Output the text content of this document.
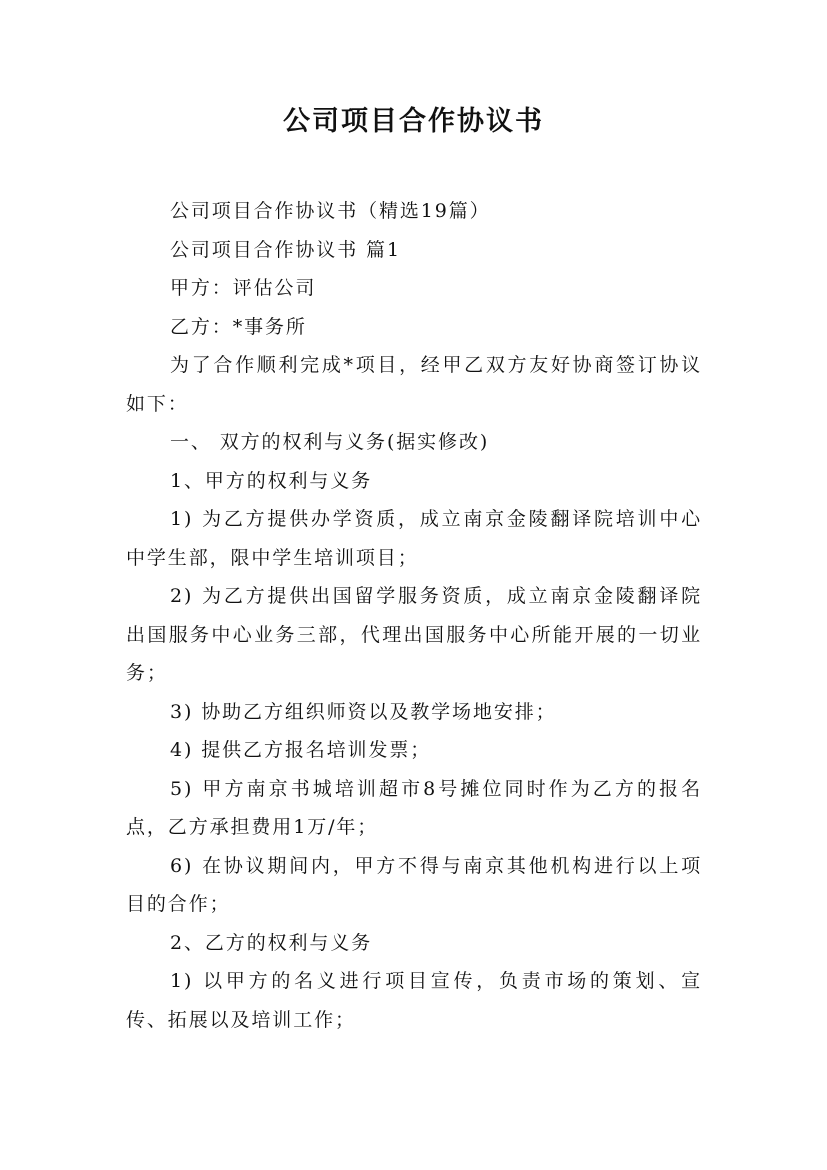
公司项目合作协议书

公司项目合作协议书（精选19篇）

公司项目合作协议书 篇1

甲方：评估公司

乙方：*事务所

为了合作顺利完成*项目，经甲乙双方友好协商签订协议如下：

一、 双方的权利与义务(据实修改)

1、甲方的权利与义务

1) 为乙方提供办学资质，成立南京金陵翻译院培训中心中学生部，限中学生培训项目；

2) 为乙方提供出国留学服务资质，成立南京金陵翻译院出国服务中心业务三部，代理出国服务中心所能开展的一切业务；

3) 协助乙方组织师资以及教学场地安排；

4) 提供乙方报名培训发票；

5) 甲方南京书城培训超市8号摊位同时作为乙方的报名点，乙方承担费用1万/年；

6) 在协议期间内，甲方不得与南京其他机构进行以上项目的合作；

2、乙方的权利与义务

1) 以甲方的名义进行项目宣传，负责市场的策划、宣传、拓展以及培训工作；
